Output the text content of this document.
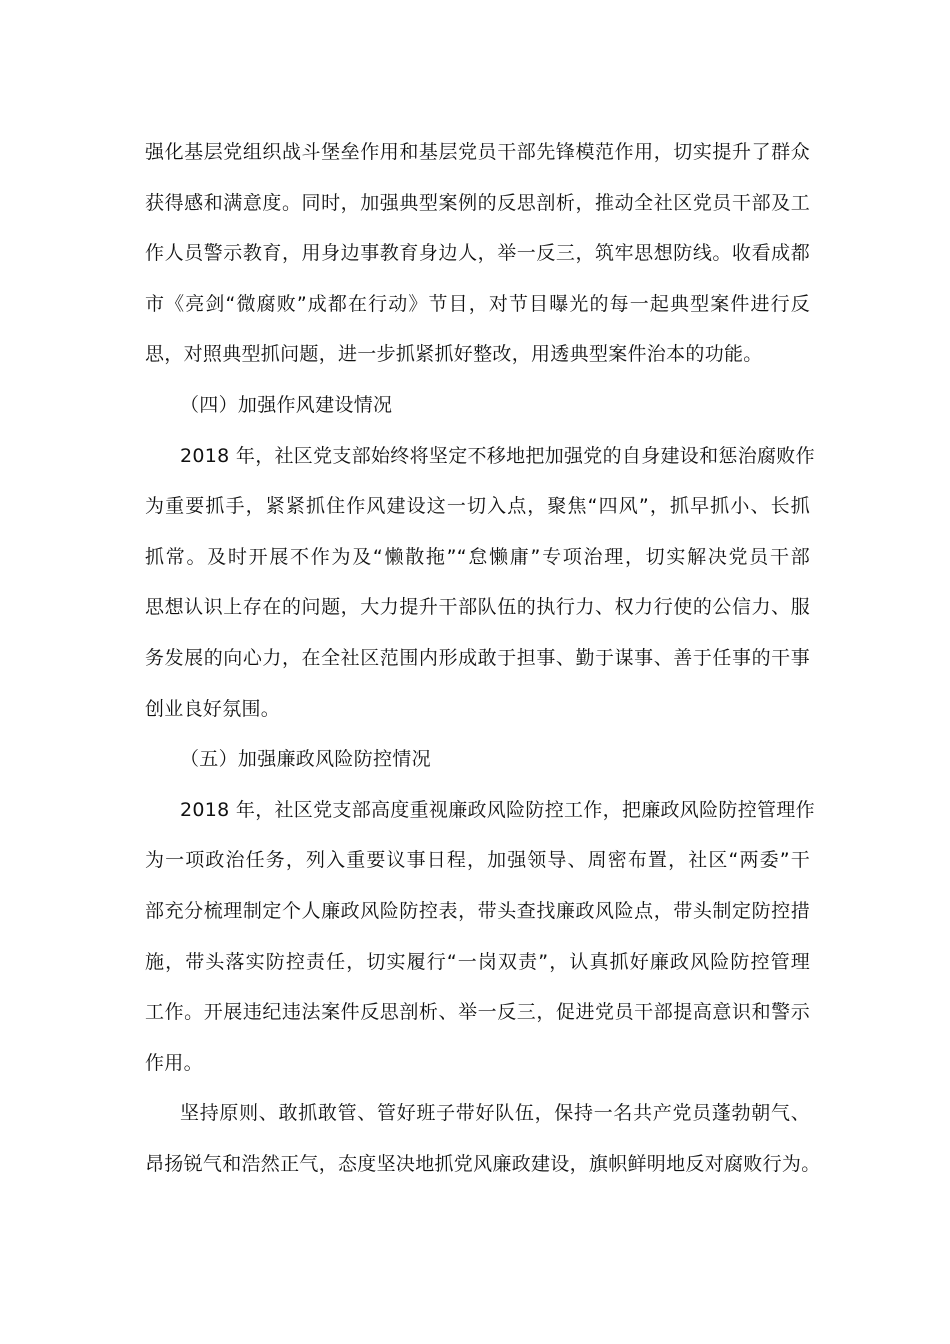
强化基层党组织战斗堡垒作用和基层党员干部先锋模范作用，切实提升了群众
获得感和满意度。同时，加强典型案例的反思剖析，推动全社区党员干部及工
作人员警示教育，用身边事教育身边人，举一反三，筑牢思想防线。收看成都
市《亮剑“微腐败”成都在行动》节目，对节目曝光的每一起典型案件进行反
思，对照典型抓问题，进一步抓紧抓好整改，用透典型案件治本的功能。
（四）加强作风建设情况
2018 年，社区党支部始终将坚定不移地把加强党的自身建设和惩治腐败作
为重要抓手，紧紧抓住作风建设这一切入点，聚焦“四风”，抓早抓小、长抓
抓常。及时开展不作为及“懒散拖”“怠懒庸”专项治理，切实解决党员干部
思想认识上存在的问题，大力提升干部队伍的执行力、权力行使的公信力、服
务发展的向心力，在全社区范围内形成敢于担事、勤于谋事、善于任事的干事
创业良好氛围。
（五）加强廉政风险防控情况
2018 年，社区党支部高度重视廉政风险防控工作，把廉政风险防控管理作
为一项政治任务，列入重要议事日程，加强领导、周密布置，社区“两委”干
部充分梳理制定个人廉政风险防控表，带头查找廉政风险点，带头制定防控措
施，带头落实防控责任，切实履行“一岗双责”，认真抓好廉政风险防控管理
工作。开展违纪违法案件反思剖析、举一反三，促进党员干部提高意识和警示
作用。
坚持原则、敢抓敢管、管好班子带好队伍，保持一名共产党员蓬勃朝气、
昂扬锐气和浩然正气，态度坚决地抓党风廉政建设，旗帜鲜明地反对腐败行为。
